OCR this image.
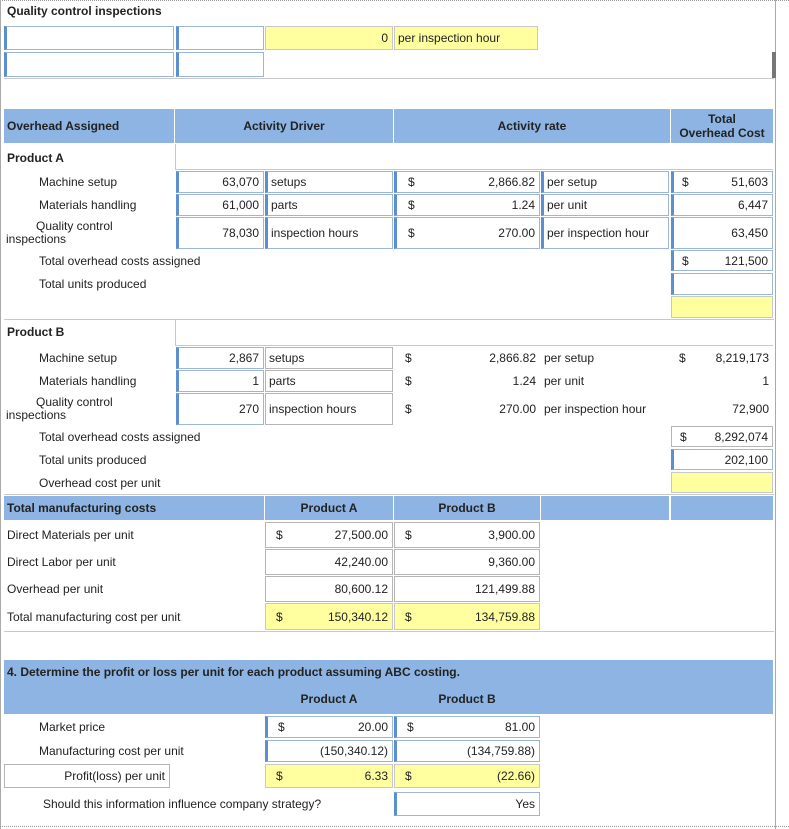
Quality control inspections
0 per inspection hour
Overhead Assigned	Activity Driver	Activity rate	Total
Overhead Cost
Product A
Machine setup	63,070	setups	$	2,866.82	per setup	$	51,603
Materials handling	61,000	parts	$	1.24	per unit	6,447
Quality control
inspections	78,030	inspection hours	$	270.00	per inspection hour	63,450
Total overhead costs assigned	$	121,500
Total units produced
Product B
Machine setup	2,867 setups	$	2,866.82 per setup	$ 8,219,173
Materials handling	1 parts	$	1.24 per unit	1
Quality control
inspections	270 inspection hours	$	270.00 per inspection hour	72,900
Total overhead costs assigned	$ 8,292,074
Total units produced	202,100
Overhead cost per unit
Total manufacturing costs	Product A	Product B
Direct Materials per unit	$	27,500.00 $	3,900.00
Direct Labor per unit	42,240.00	9,360.00
Overhead per unit	80,600.12	121,499.88
Total manufacturing cost per unit	$	150,340.12 $	134,759.88
4. Determine the profit or loss per unit for each product assuming ABC costing.
Product A	Product B
Market price	$	20.00 $	81.00
Manufacturing cost per unit	(150,340.12)	(134,759.88)
Profit(loss) per unit	$	6.33 $	(22.66)
Should this information influence company strategy?	Yes
